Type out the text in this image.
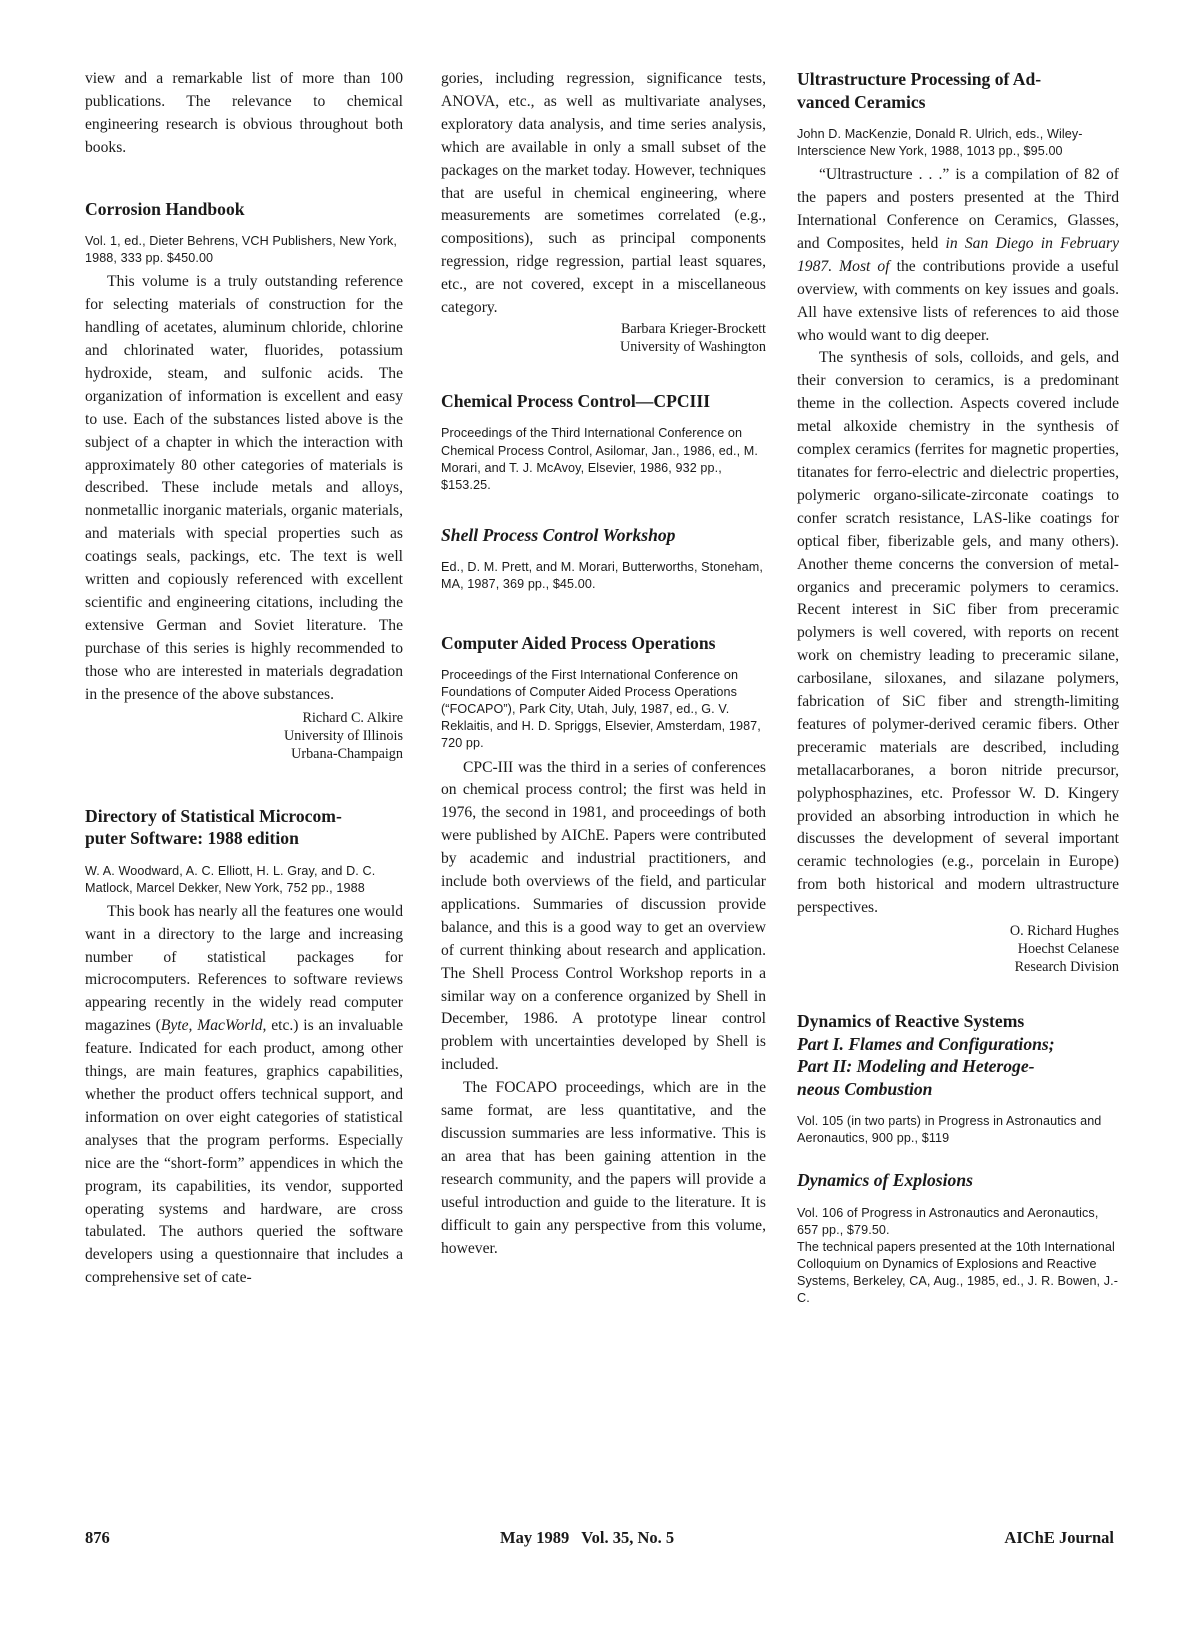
view and a remarkable list of more than 100 publications. The relevance to chemical engineering research is obvious throughout both books.

Corrosion Handbook
Vol. 1, ed., Dieter Behrens, VCH Publishers, New York, 1988, 333 pp. $450.00

This volume is a truly outstanding reference for selecting materials of construction for the handling of acetates, aluminum chloride, chlorine and chlorinated water, fluorides, potassium hydroxide, steam, and sulfonic acids. The organization of information is excellent and easy to use. Each of the substances listed above is the subject of a chapter in which the interaction with approximately 80 other categories of materials is described. These include metals and alloys, nonmetallic inorganic materials, organic materials, and materials with special properties such as coatings seals, packings, etc. The text is well written and copiously referenced with excellent scientific and engineering citations, including the extensive German and Soviet literature. The purchase of this series is highly recommended to those who are interested in materials degradation in the presence of the above substances.

Richard C. Alkire
University of Illinois
Urbana-Champaign
Directory of Statistical Microcom-
puter Software: 1988 edition
W. A. Woodward, A. C. Elliott, H. L. Gray, and D. C. Matlock, Marcel Dekker, New York, 752 pp., 1988

This book has nearly all the features one would want in a directory to the large and increasing number of statistical packages for microcomputers. References to software reviews appearing recently in the widely read computer magazines (Byte, MacWorld, etc.) is an invaluable feature. Indicated for each product, among other things, are main features, graphics capabilities, whether the product offers technical support, and information on over eight categories of statistical analyses that the program performs. Especially nice are the “short-form” appendices in which the program, its capabilities, its vendor, supported operating systems and hardware, are cross tabulated. The authors queried the software developers using a questionnaire that includes a comprehensive set of cate-

gories, including regression, significance tests, ANOVA, etc., as well as multivariate analyses, exploratory data analysis, and time series analysis, which are available in only a small subset of the packages on the market today. However, techniques that are useful in chemical engineering, where measurements are sometimes correlated (e.g., compositions), such as principal components regression, ridge regression, partial least squares, etc., are not covered, except in a miscellaneous category.

Barbara Krieger-Brockett
University of Washington
Chemical Process Control—CPCIII
Proceedings of the Third International Conference on Chemical Process Control, Asilomar, Jan., 1986, ed., M. Morari, and T. J. McAvoy, Elsevier, 1986, 932 pp., $153.25.
Shell Process Control Workshop
Ed., D. M. Prett, and M. Morari, Butterworths, Stoneham, MA, 1987, 369 pp., $45.00.
Computer Aided Process Operations
Proceedings of the First International Conference on Foundations of Computer Aided Process Operations (“FOCAPO”), Park City, Utah, July, 1987, ed., G. V. Reklaitis, and H. D. Spriggs, Elsevier, Amsterdam, 1987, 720 pp.

CPC-III was the third in a series of conferences on chemical process control; the first was held in 1976, the second in 1981, and proceedings of both were published by AIChE. Papers were contributed by academic and industrial practitioners, and include both overviews of the field, and particular applications. Summaries of discussion provide balance, and this is a good way to get an overview of current thinking about research and application. The Shell Process Control Workshop reports in a similar way on a conference organized by Shell in December, 1986. A prototype linear control problem with uncertainties developed by Shell is included.

The FOCAPO proceedings, which are in the same format, are less quantitative, and the discussion summaries are less informative. This is an area that has been gaining attention in the research community, and the papers will provide a useful introduction and guide to the literature. It is difficult to gain any perspective from this volume, however.

Ultrastructure Processing of Ad-
vanced Ceramics
John D. MacKenzie, Donald R. Ulrich, eds., Wiley-Interscience New York, 1988, 1013 pp., $95.00

“Ultrastructure . . .” is a compilation of 82 of the papers and posters presented at the Third International Conference on Ceramics, Glasses, and Composites, held in San Diego in February 1987. Most of the contributions provide a useful overview, with comments on key issues and goals. All have extensive lists of references to aid those who would want to dig deeper.

The synthesis of sols, colloids, and gels, and their conversion to ceramics, is a predominant theme in the collection. Aspects covered include metal alkoxide chemistry in the synthesis of complex ceramics (ferrites for magnetic properties, titanates for ferro-electric and dielectric properties, polymeric organo-silicate-zirconate coatings to confer scratch resistance, LAS-like coatings for optical fiber, fiberizable gels, and many others). Another theme concerns the conversion of metal-organics and preceramic polymers to ceramics. Recent interest in SiC fiber from preceramic polymers is well covered, with reports on recent work on chemistry leading to preceramic silane, carbosilane, siloxanes, and silazane polymers, fabrication of SiC fiber and strength-limiting features of polymer-derived ceramic fibers. Other preceramic materials are described, including metallacarboranes, a boron nitride precursor, polyphosphazines, etc. Professor W. D. Kingery provided an absorbing introduction in which he discusses the development of several important ceramic technologies (e.g., porcelain in Europe) from both historical and modern ultrastructure perspectives.

O. Richard Hughes
Hoechst Celanese
Research Division
Dynamics of Reactive Systems
Part I. Flames and Configurations;
Part II: Modeling and Heteroge-
neous Combustion
Vol. 105 (in two parts) in Progress in Astronautics and Aeronautics, 900 pp., $119
Dynamics of Explosions
Vol. 106 of Progress in Astronautics and Aeronautics, 657 pp., $79.50.
The technical papers presented at the 10th International Colloquium on Dynamics of Explosions and Reactive Systems, Berkeley, CA, Aug., 1985, ed., J. R. Bowen, J.-C.
876	May 1989   Vol. 35, No. 5	AIChE Journal
